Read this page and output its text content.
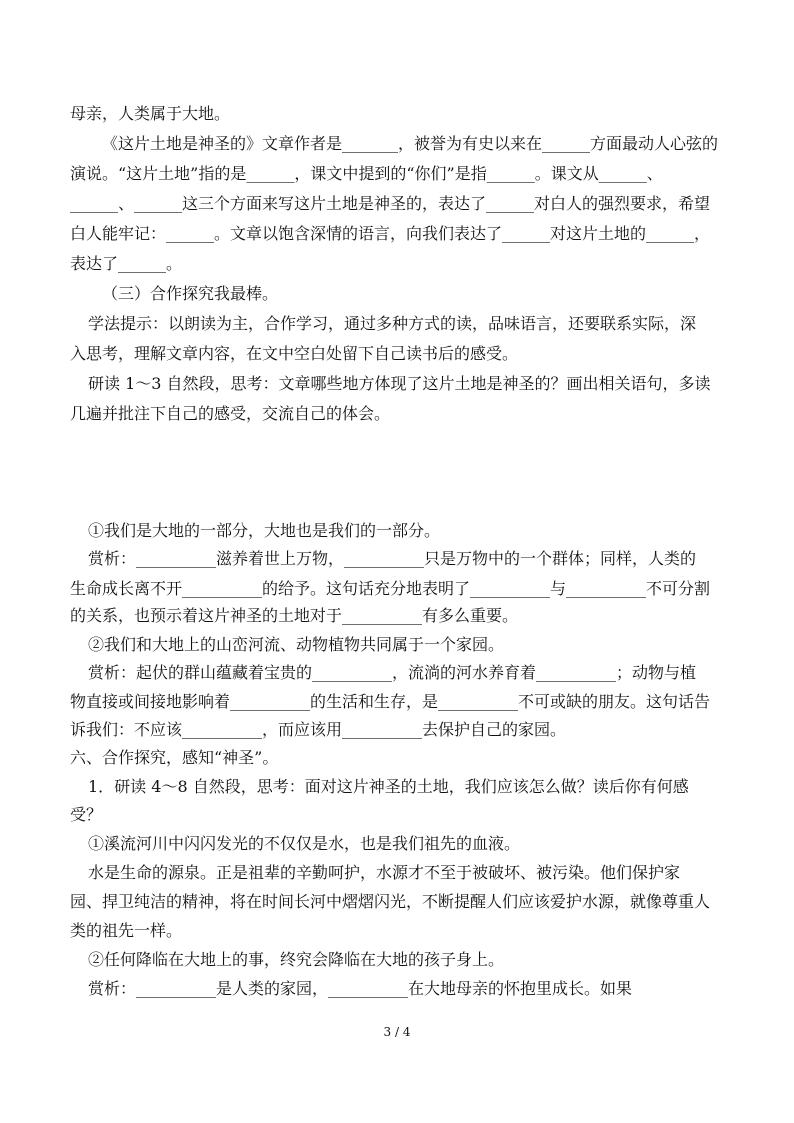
母亲，人类属于大地。
《这片土地是神圣的》文章作者是_______，被誉为有史以来在______方面最动人心弦的
演说。“这片土地”指的是______，课文中提到的“你们”是指______。课文从______、
______、______这三个方面来写这片土地是神圣的，表达了______对白人的强烈要求，希望
白人能牢记：______。文章以饱含深情的语言，向我们表达了______对这片土地的______，
表达了______。
（三）合作探究我最棒。
学法提示：以朗读为主，合作学习，通过多种方式的读，品味语言，还要联系实际，深
入思考，理解文章内容，在文中空白处留下自己读书后的感受。
研读 1～3 自然段，思考：文章哪些地方体现了这片土地是神圣的？画出相关语句，多读
几遍并批注下自己的感受，交流自己的体会。
①我们是大地的一部分，大地也是我们的一部分。
赏析：__________滋养着世上万物，__________只是万物中的一个群体；同样，人类的
生命成长离不开__________的给予。这句话充分地表明了__________与__________不可分割
的关系，也预示着这片神圣的土地对于__________有多么重要。
②我们和大地上的山峦河流、动物植物共同属于一个家园。
赏析：起伏的群山蕴藏着宝贵的__________，流淌的河水养育着__________；动物与植
物直接或间接地影响着__________的生活和生存，是__________不可或缺的朋友。这句话告
诉我们：不应该__________，而应该用__________去保护自己的家园。
六、合作探究，感知“神圣”。
1．研读 4～8 自然段，思考：面对这片神圣的土地，我们应该怎么做？读后你有何感
受？
①溪流河川中闪闪发光的不仅仅是水，也是我们祖先的血液。
水是生命的源泉。正是祖辈的辛勤呵护，水源才不至于被破坏、被污染。他们保护家
园、捍卫纯洁的精神，将在时间长河中熠熠闪光，不断提醒人们应该爱护水源，就像尊重人
类的祖先一样。
②任何降临在大地上的事，终究会降临在大地的孩子身上。
赏析：__________是人类的家园，__________在大地母亲的怀抱里成长。如果
3 / 4
